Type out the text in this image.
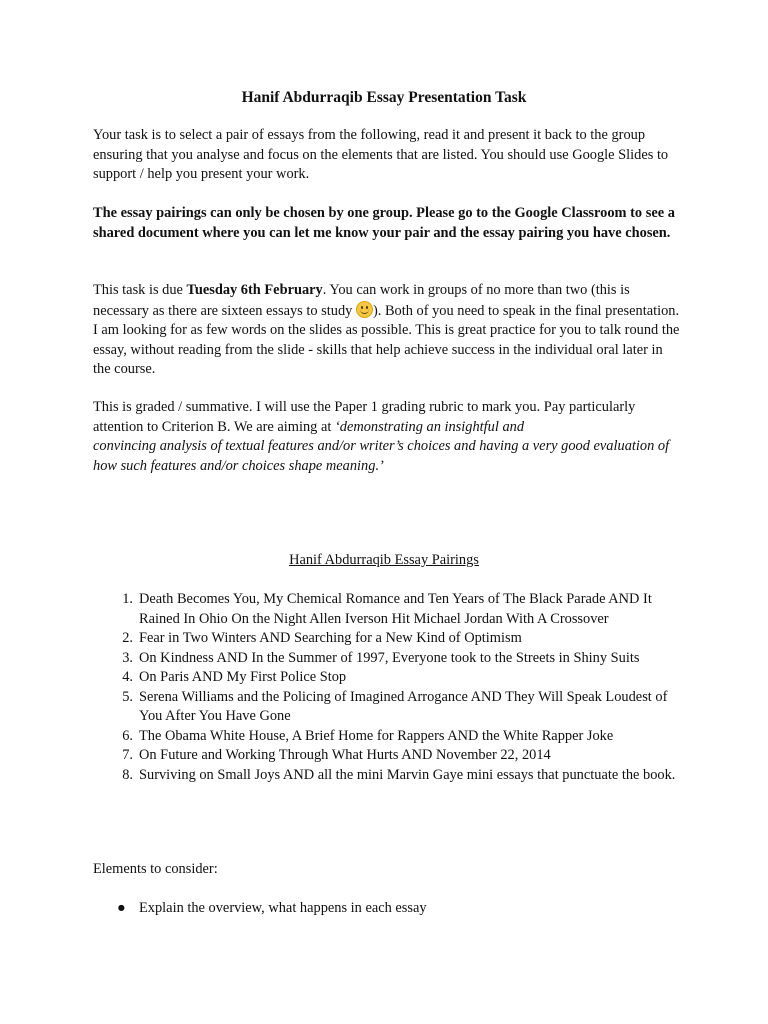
Hanif Abdurraqib Essay Presentation Task

Your task is to select a pair of essays from the following, read it and present it back to the group ensuring that you analyse and focus on the elements that are listed. You should use Google Slides to support / help you present your work.

The essay pairings can only be chosen by one group. Please go to the Google Classroom to see a shared document where you can let me know your pair and the essay pairing you have chosen.

This task is due Tuesday 6th February. You can work in groups of no more than two (this is necessary as there are sixteen essays to study ). Both of you need to speak in the final presentation. I am looking for as few words on the slides as possible. This is great practice for you to talk round the essay, without reading from the slide - skills that help achieve success in the individual oral later in the course.

This is graded / summative. I will use the Paper 1 grading rubric to mark you. Pay particularly attention to Criterion B. We are aiming at ‘demonstrating an insightful and
convincing analysis of textual features and/or writer’s choices and having a very good evaluation of how such features and/or choices shape meaning.’

Hanif Abdurraqib Essay Pairings
1. Death Becomes You, My Chemical Romance and Ten Years of The Black Parade AND It Rained In Ohio On the Night Allen Iverson Hit Michael Jordan With A Crossover
2. Fear in Two Winters AND Searching for a New Kind of Optimism
3. On Kindness AND In the Summer of 1997, Everyone took to the Streets in Shiny Suits
4. On Paris AND My First Police Stop
5. Serena Williams and the Policing of Imagined Arrogance AND They Will Speak Loudest of You After You Have Gone
6. The Obama White House, A Brief Home for Rappers AND the White Rapper Joke
7. On Future and Working Through What Hurts AND November 22, 2014
8. Surviving on Small Joys AND all the mini Marvin Gaye mini essays that punctuate the book.
Elements to consider:
● Explain the overview, what happens in each essay
